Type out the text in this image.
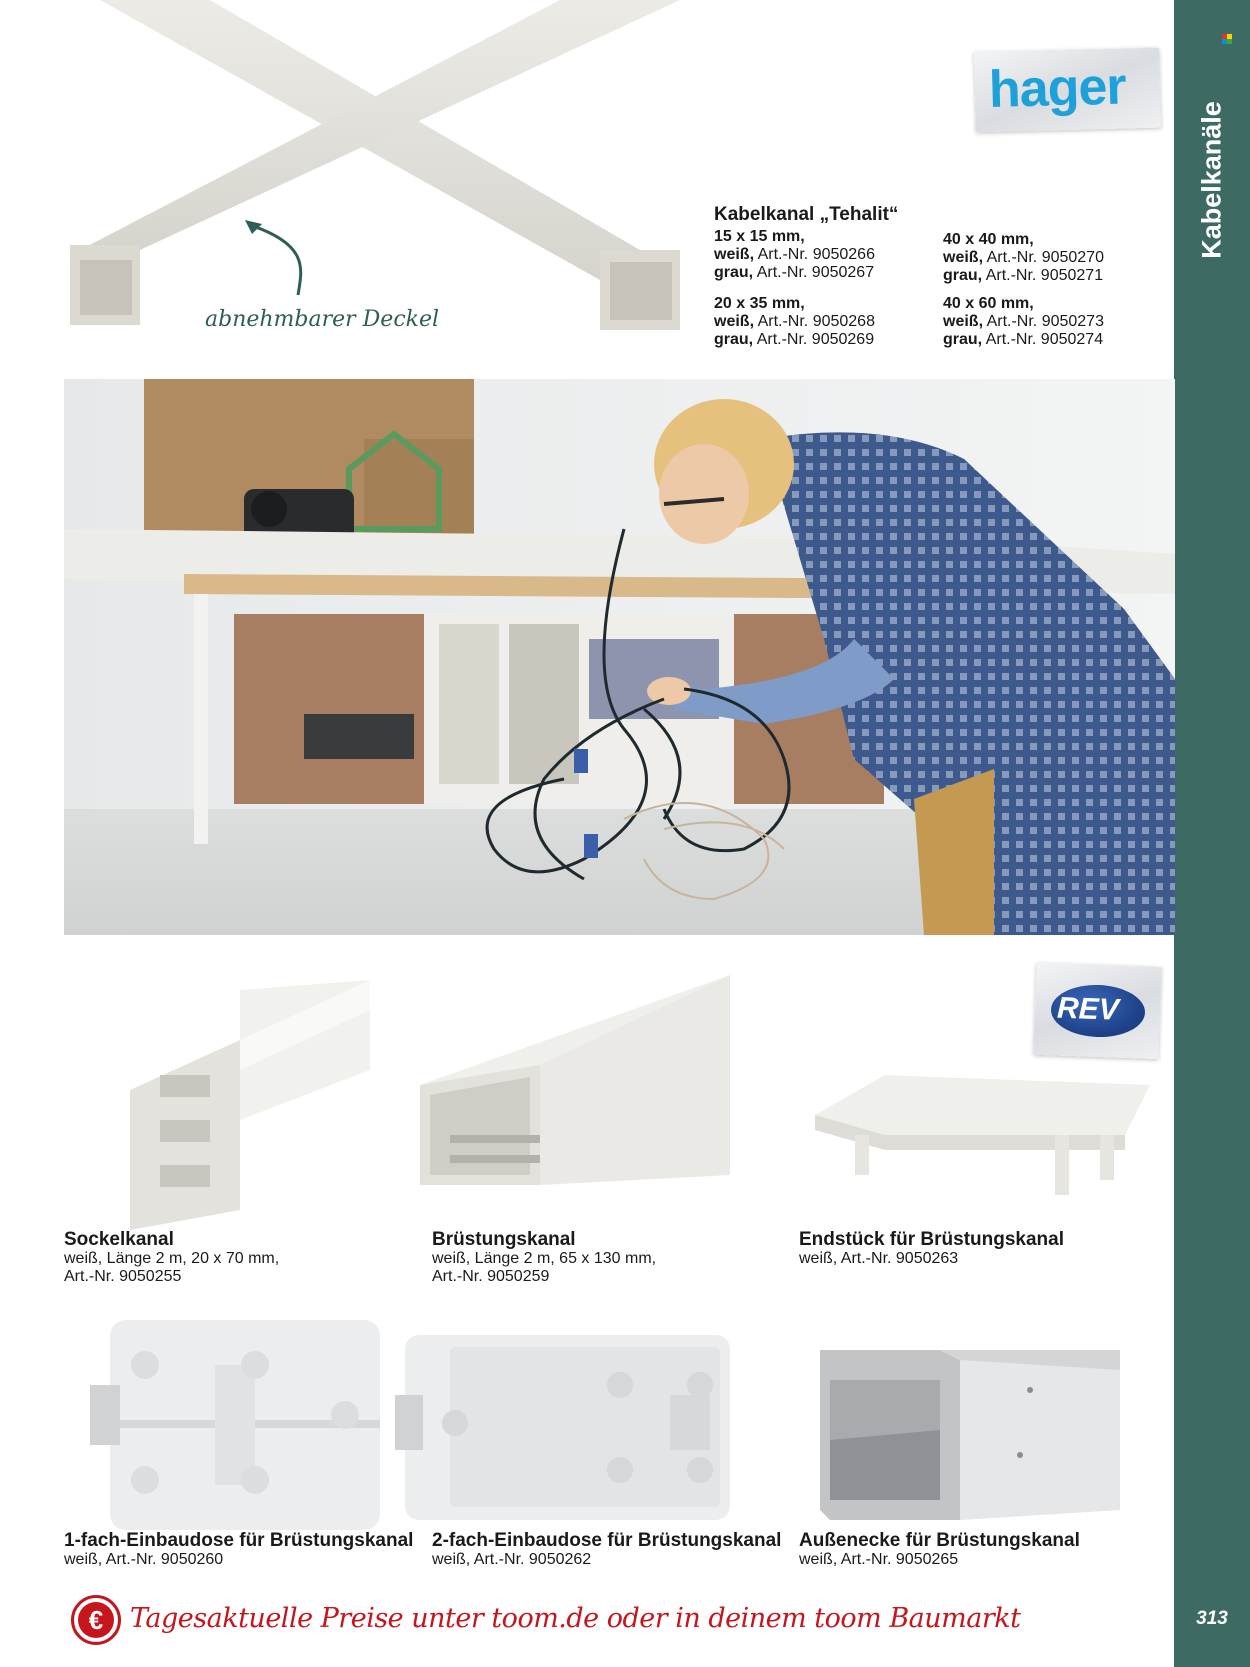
Kabelkanäle
313
abnehmbarer Deckel
hager
Kabelkanal „Tehalit“
15 x 15 mm,
weiß, Art.-Nr. 9050266
grau, Art.-Nr. 9050267
20 x 35 mm,
weiß, Art.-Nr. 9050268
grau, Art.-Nr. 9050269
40 x 40 mm,
weiß, Art.-Nr. 9050270
grau, Art.-Nr. 9050271
40 x 60 mm,
weiß, Art.-Nr. 9050273
grau, Art.-Nr. 9050274
REV
Sockelkanal
weiß, Länge 2 m, 20 x 70 mm,
Art.-Nr. 9050255
Brüstungskanal
weiß, Länge 2 m, 65 x 130 mm,
Art.-Nr. 9050259
Endstück für Brüstungskanal
weiß, Art.-Nr. 9050263
1-fach-Einbaudose für Brüstungskanal
weiß, Art.-Nr. 9050260
2-fach-Einbaudose für Brüstungskanal
weiß, Art.-Nr. 9050262
Außenecke für Brüstungskanal
weiß, Art.-Nr. 9050265
€ Tagesaktuelle Preise unter toom.de oder in deinem toom Baumarkt
